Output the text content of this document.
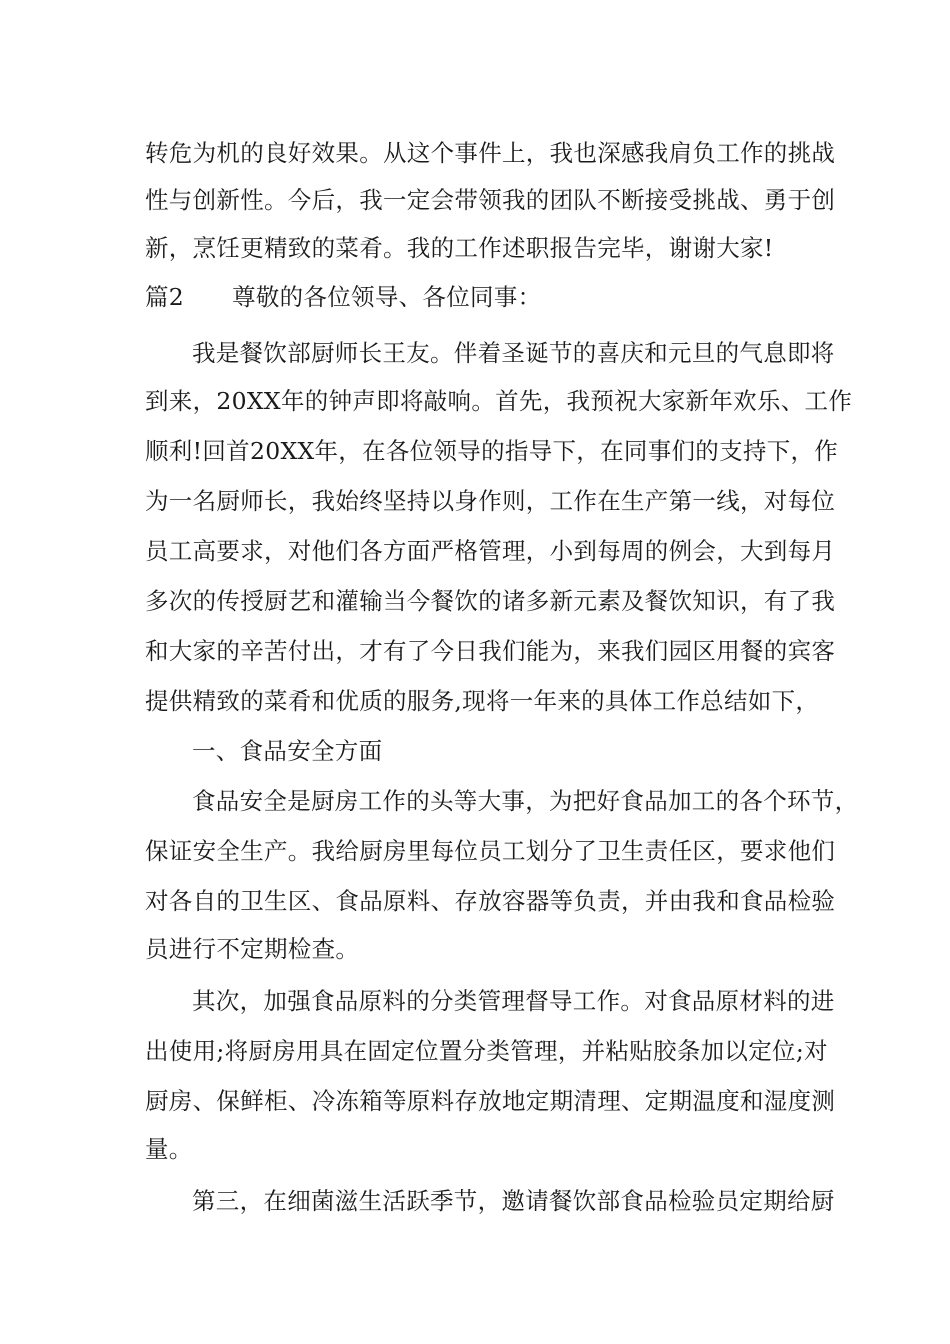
转危为机的良好效果。从这个事件上，我也深感我肩负工作的挑战
性与创新性。今后，我一定会带领我的团队不断接受挑战、勇于创
新，烹饪更精致的菜肴。我的工作述职报告完毕，谢谢大家!
篇2 尊敬的各位领导、各位同事：
我是餐饮部厨师长王友。伴着圣诞节的喜庆和元旦的气息即将
到来，20XX年的钟声即将敲响。首先，我预祝大家新年欢乐、工作
顺利!回首20XX年，在各位领导的指导下，在同事们的支持下，作
为一名厨师长，我始终坚持以身作则，工作在生产第一线，对每位
员工高要求，对他们各方面严格管理，小到每周的例会，大到每月
多次的传授厨艺和灌输当今餐饮的诸多新元素及餐饮知识，有了我
和大家的辛苦付出，才有了今日我们能为，来我们园区用餐的宾客
提供精致的菜肴和优质的服务,现将一年来的具体工作总结如下，
一、食品安全方面
食品安全是厨房工作的头等大事，为把好食品加工的各个环节，
保证安全生产。我给厨房里每位员工划分了卫生责任区，要求他们
对各自的卫生区、食品原料、存放容器等负责，并由我和食品检验
员进行不定期检查。
其次，加强食品原料的分类管理督导工作。对食品原材料的进
出使用;将厨房用具在固定位置分类管理，并粘贴胶条加以定位;对
厨房、保鲜柜、冷冻箱等原料存放地定期清理、定期温度和湿度测
量。
第三，在细菌滋生活跃季节，邀请餐饮部食品检验员定期给厨
